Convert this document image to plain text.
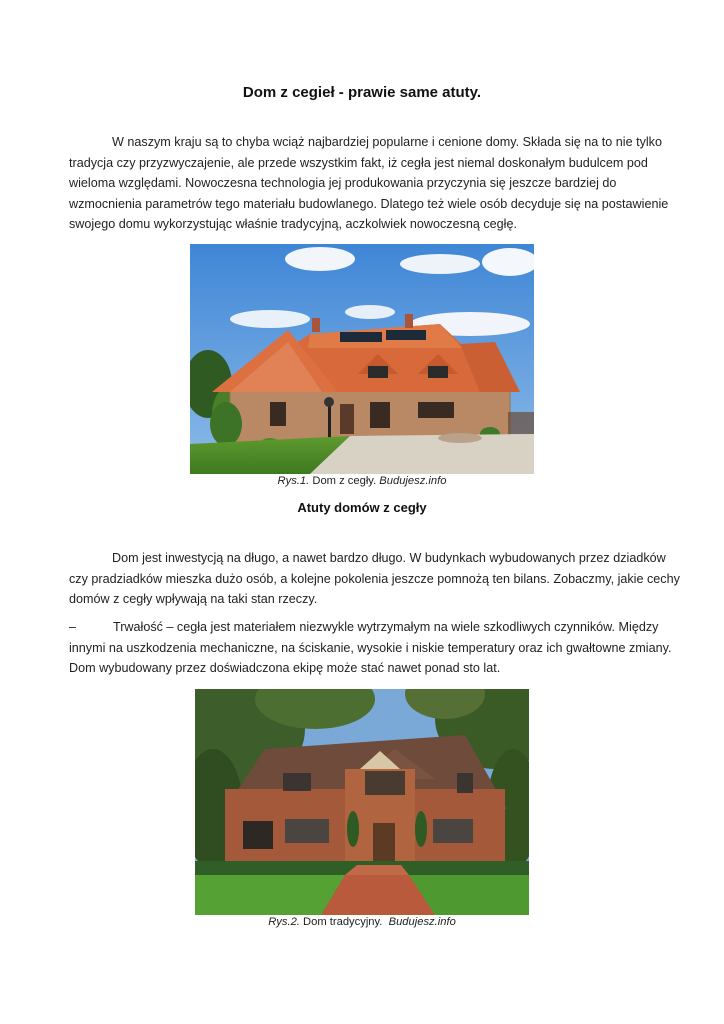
Dom z cegieł - prawie same atuty.

W naszym kraju są to chyba wciąż najbardziej popularne i cenione domy. Składa się na to nie tylko
tradycja czy przyzwyczajenie, ale przede wszystkim fakt, iż cegła jest niemal doskonałym budulcem pod
wieloma względami. Nowoczesna technologia jej produkowania przyczynia się jeszcze bardziej do
wzmocnienia parametrów tego materiału budowlanego. Dlatego też wiele osób decyduje się na postawienie
swojego domu wykorzystując właśnie tradycyjną, aczkolwiek nowoczesną cegłę.

Rys.1. Dom z cegły. Budujesz.info
Atuty domów z cegły

Dom jest inwestycją na długo, a nawet bardzo długo. W budynkach wybudowanych przez dziadków
czy pradziadków mieszka dużo osób, a kolejne pokolenia jeszcze pomnożą ten bilans. Zobaczmy, jakie cechy
domów z cegły wpływają na taki stan rzeczy.

–	Trwałość – cegła jest materiałem niezwykle wytrzymałym na wiele szkodliwych czynników. Między
innymi na uszkodzenia mechaniczne, na ściskanie, wysokie i niskie temperatury oraz ich gwałtowne zmiany.
Dom wybudowany przez doświadczona ekipę może stać nawet ponad sto lat.

Rys.2. Dom tradycyjny.  Budujesz.info
